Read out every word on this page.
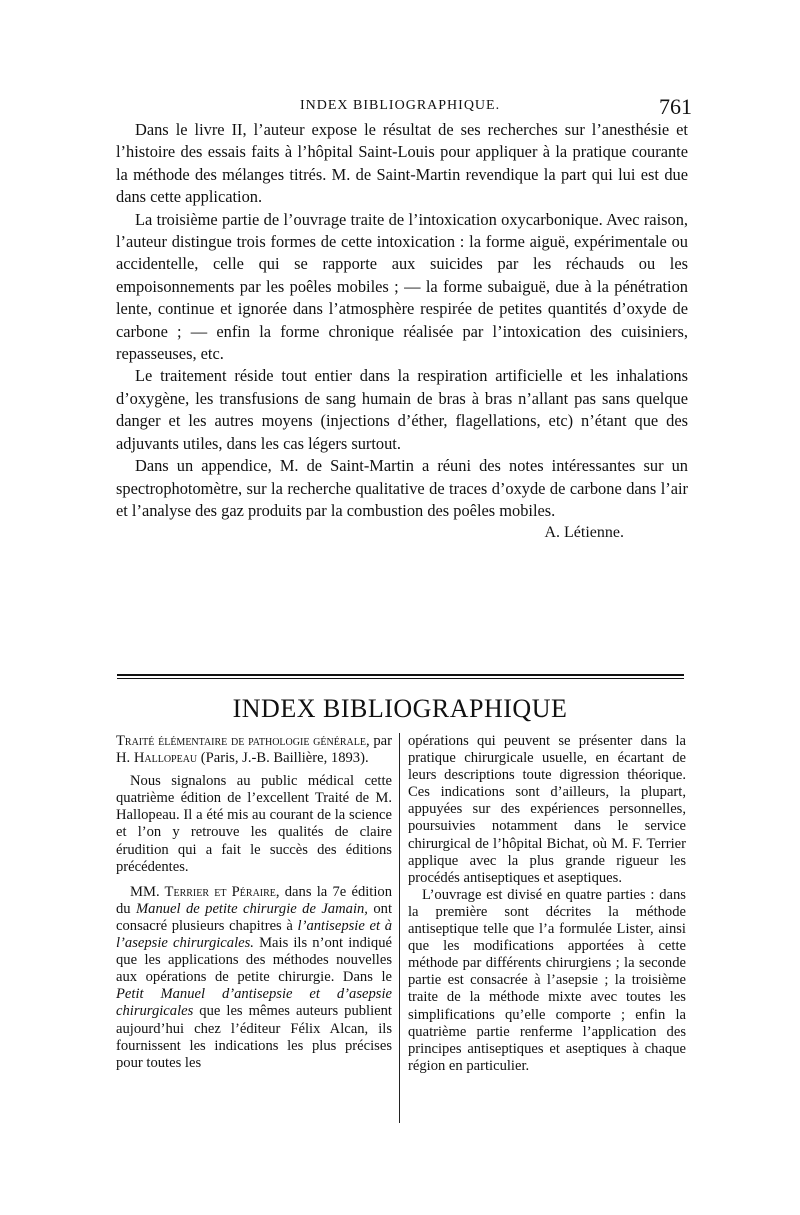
INDEX BIBLIOGRAPHIQUE.	761

Dans le livre II, l’auteur expose le résultat de ses recherches sur l’anesthésie et l’histoire des essais faits à l’hôpital Saint-Louis pour appliquer à la pratique courante la méthode des mélanges titrés. M. de Saint-Martin revendique la part qui lui est due dans cette application.

La troisième partie de l’ouvrage traite de l’intoxication oxycarbonique. Avec raison, l’auteur distingue trois formes de cette intoxication : la forme aiguë, expérimentale ou accidentelle, celle qui se rapporte aux suicides par les réchauds ou les empoisonnements par les poêles mobiles ; — la forme subaiguë, due à la pénétration lente, continue et ignorée dans l’atmosphère respirée de petites quantités d’oxyde de carbone ; — enfin la forme chronique réalisée par l’intoxication des cuisiniers, repasseuses, etc.

Le traitement réside tout entier dans la respiration artificielle et les inhalations d’oxygène, les transfusions de sang humain de bras à bras n’allant pas sans quelque danger et les autres moyens (injections d’éther, flagellations, etc) n’étant que des adjuvants utiles, dans les cas légers surtout.

Dans un appendice, M. de Saint-Martin a réuni des notes intéressantes sur un spectrophotomètre, sur la recherche qualitative de traces d’oxyde de carbone dans l’air et l’analyse des gaz produits par la combustion des poêles mobiles.
A. Létienne.

INDEX BIBLIOGRAPHIQUE

Traité élémentaire de pathologie générale, par H. Hallopeau (Paris, J.-B. Baillière, 1893).

Nous signalons au public médical cette quatrième édition de l’excellent Traité de M. Hallopeau. Il a été mis au courant de la science et l’on y retrouve les qualités de claire érudition qui a fait le succès des éditions précédentes.

MM. Terrier et Péraire, dans la 7e édition du Manuel de petite chirurgie de Jamain, ont consacré plusieurs chapitres à l’antisepsie et à l’asepsie chirurgicales. Mais ils n’ont indiqué que les applications des méthodes nouvelles aux opérations de petite chirurgie. Dans le Petit Manuel d’antisepsie et d’asepsie chirurgicales que les mêmes auteurs publient aujourd’hui chez l’éditeur Félix Alcan, ils fournissent les indications les plus précises pour toutes les

opérations qui peuvent se présenter dans la pratique chirurgicale usuelle, en écartant de leurs descriptions toute digression théorique. Ces indications sont d’ailleurs, la plupart, appuyées sur des expériences personnelles, poursuivies notamment dans le service chirurgical de l’hôpital Bichat, où M. F. Terrier applique avec la plus grande rigueur les procédés antiseptiques et aseptiques.

L’ouvrage est divisé en quatre parties : dans la première sont décrites la méthode antiseptique telle que l’a formulée Lister, ainsi que les modifications apportées à cette méthode par différents chirurgiens ; la seconde partie est consacrée à l’asepsie ; la troisième traite de la méthode mixte avec toutes les simplifications qu’elle comporte ; enfin la quatrième partie renferme l’application des principes antiseptiques et aseptiques à chaque région en particulier.
